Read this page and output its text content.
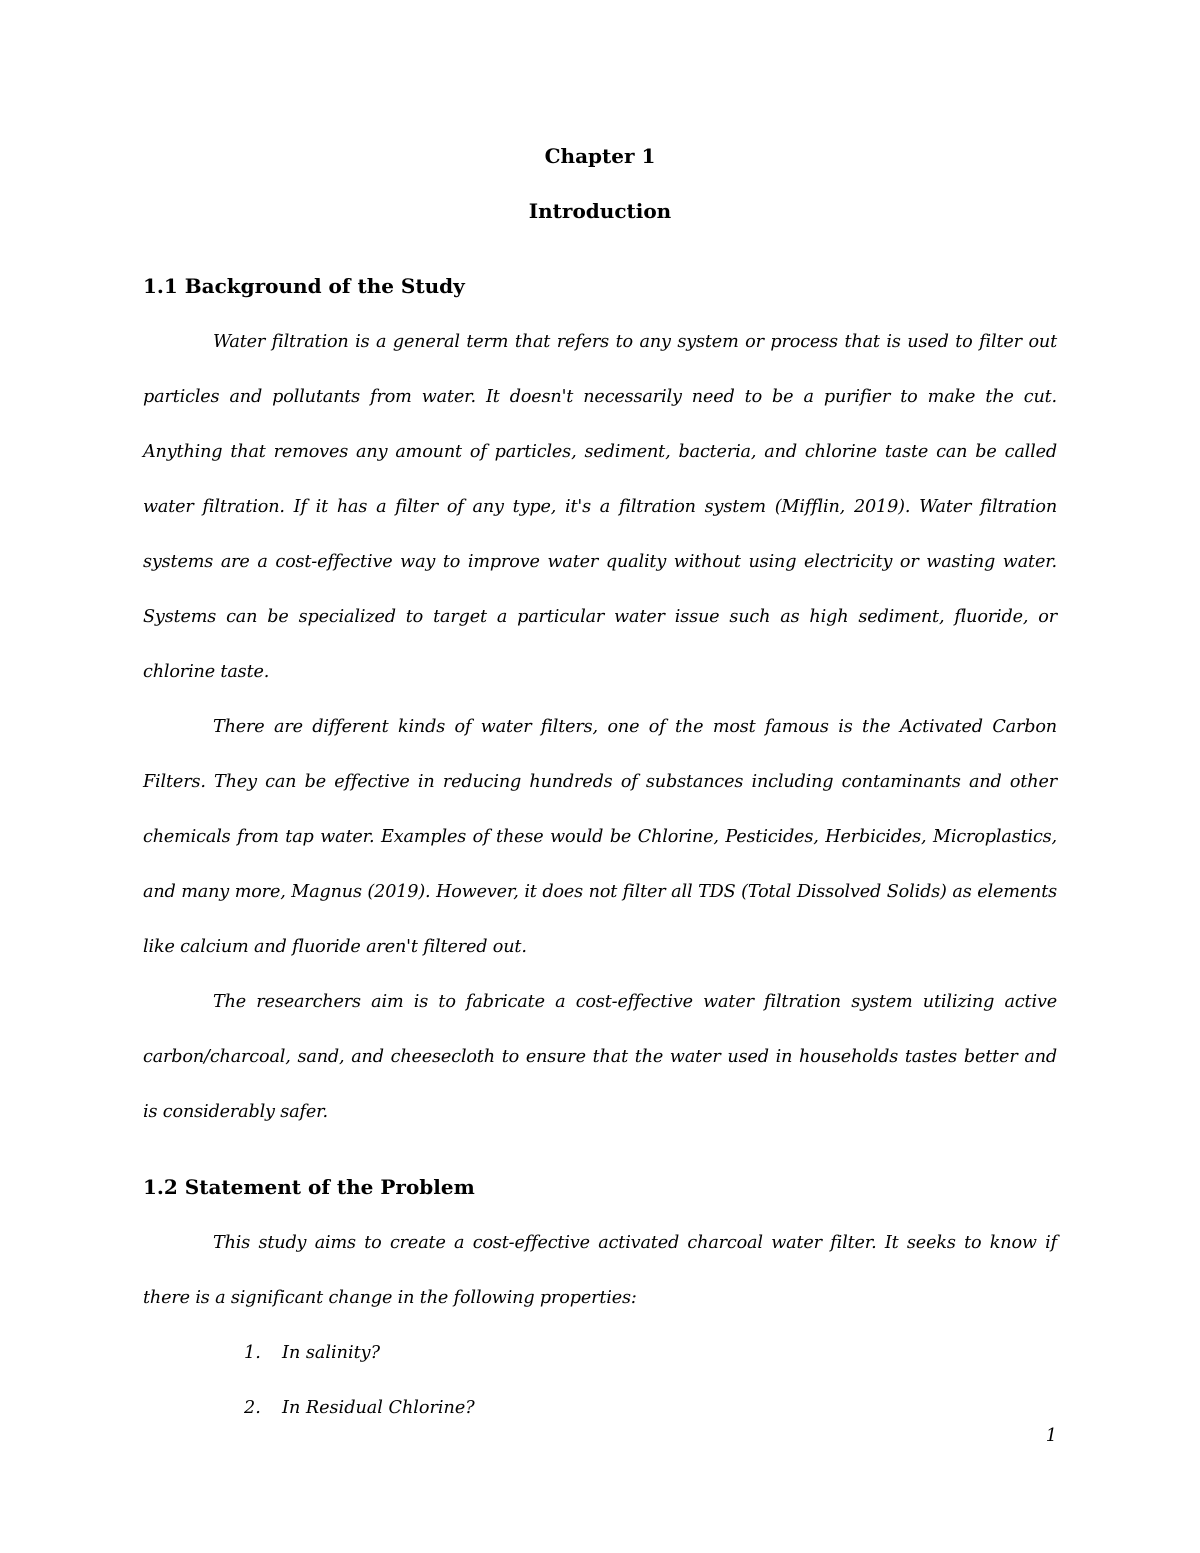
Chapter 1
Introduction
1.1 Background of the Study

Water filtration is a general term that refers to any system or process that is used to filter out particles and pollutants from water. It doesn't necessarily need to be a purifier to make the cut. Anything that removes any amount of particles, sediment, bacteria, and chlorine taste can be called water filtration. If it has a filter of any type, it's a filtration system (Mifflin, 2019). Water filtration systems are a cost-effective way to improve water quality without using electricity or wasting water. Systems can be specialized to target a particular water issue such as high sediment, fluoride, or chlorine taste.

There are different kinds of water filters, one of the most famous is the Activated Carbon Filters. They can be effective in reducing hundreds of substances including contaminants and other chemicals from tap water. Examples of these would be Chlorine, Pesticides, Herbicides, Microplastics, and many more, Magnus (2019). However, it does not filter all TDS (Total Dissolved Solids) as elements like calcium and fluoride aren't filtered out.

The researchers aim is to fabricate a cost-effective water filtration system utilizing active carbon/charcoal, sand, and cheesecloth to ensure that the water used in households tastes better and is considerably safer.

1.2 Statement of the Problem

This study aims to create a cost-effective activated charcoal water filter. It seeks to know if there is a significant change in the following properties:

1. In salinity?
2. In Residual Chlorine?

1
